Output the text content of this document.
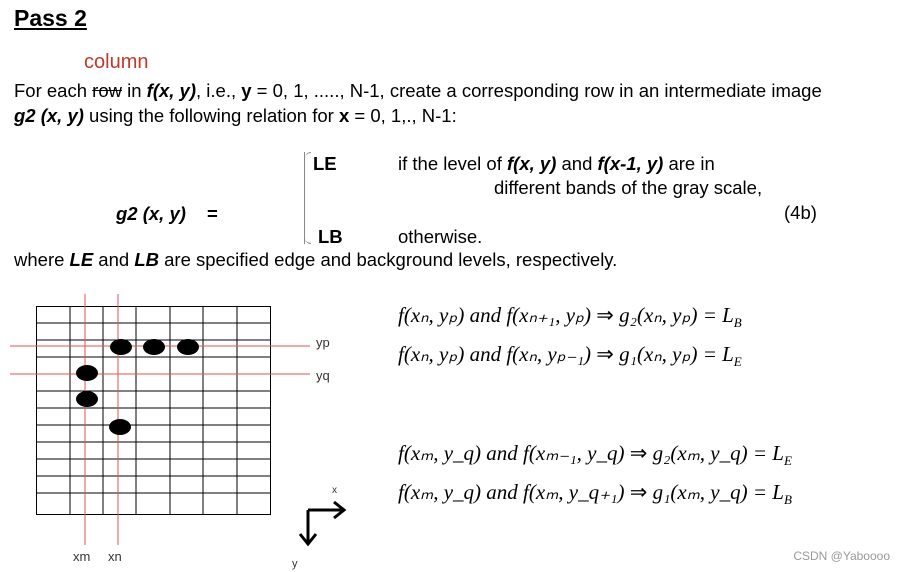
Pass 2
column
For each row in f(x, y), i.e., y = 0, 1, ....., N-1, create a corresponding row in an intermediate image
g2 (x, y) using the following relation for x = 0, 1,., N-1:
LE	if the level of f(x, y) and f(x-1, y) are in
different bands of the gray scale,
g2 (x, y) =	(4b)
LB	otherwise.
where LE and LB are specified edge and background levels, respectively.
yp
yq
xm xn
x
y
f(xₙ, yₚ) and f(xₙ₊₁, yₚ) ⇒ g₂(xₙ, $y_p) = L_B$
f(xₙ, yₚ) and f(xₙ, yₚ₋₁) ⇒ g₁(xₙ, $y_p) = L_E$
f(xₘ, y_q) and f(xₘ₋₁, y_q) ⇒ g₂(xₘ, y_q) = $L_E$
f(xₘ, y_q) and f(xₘ, y_q₊₁) ⇒ g₁(xₘ, y_q) = $L_B$
CSDN @Yaboooo
